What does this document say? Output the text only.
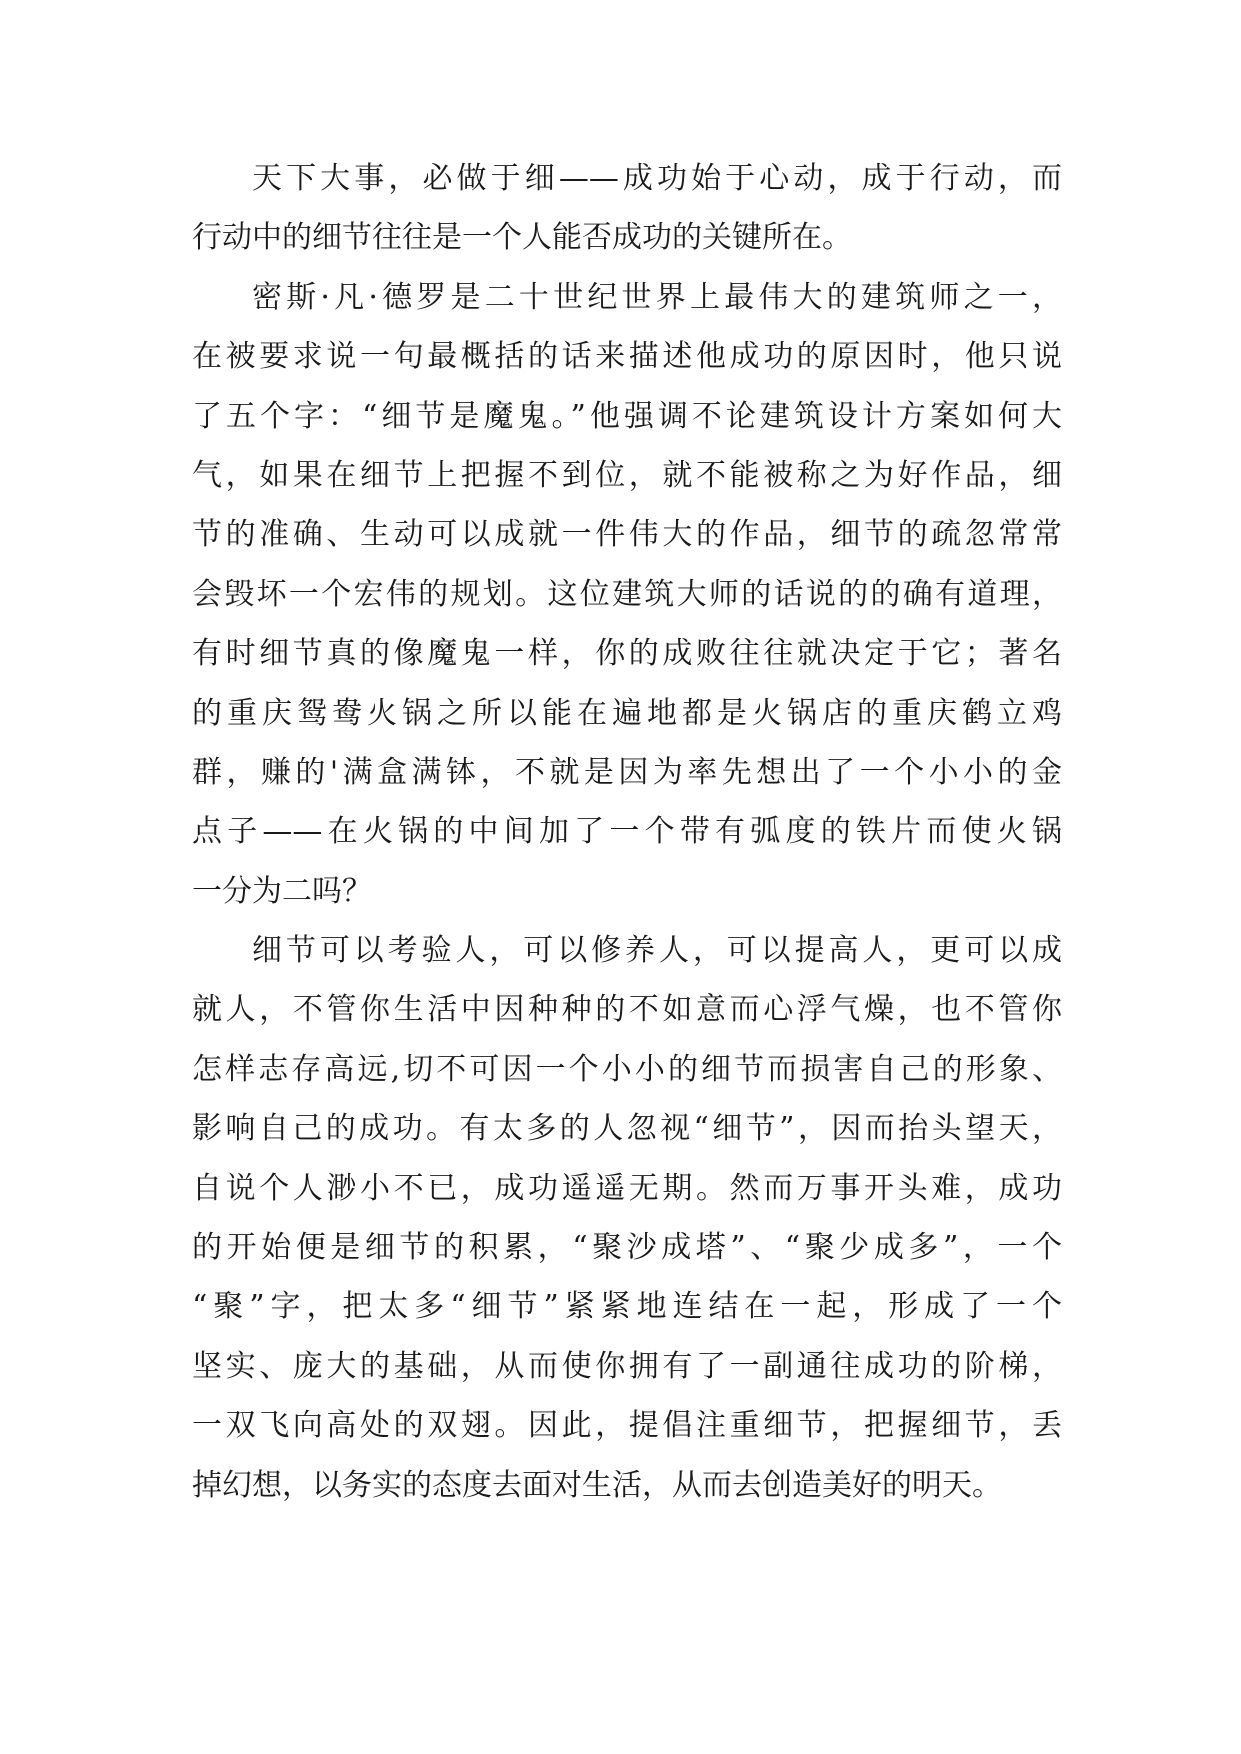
天下大事，必做于细——成功始于心动，成于行动，而
行动中的细节往往是一个人能否成功的关键所在。
密斯·凡·德罗是二十世纪世界上最伟大的建筑师之一，
在被要求说一句最概括的话来描述他成功的原因时，他只说
了五个字：“细节是魔鬼。”他强调不论建筑设计方案如何大
气，如果在细节上把握不到位，就不能被称之为好作品，细
节的准确、生动可以成就一件伟大的作品，细节的疏忽常常
会毁坏一个宏伟的规划。这位建筑大师的话说的的确有道理，
有时细节真的像魔鬼一样，你的成败往往就决定于它；著名
的重庆鸳鸯火锅之所以能在遍地都是火锅店的重庆鹤立鸡
群，赚的'满盒满钵，不就是因为率先想出了一个小小的金
点子——在火锅的中间加了一个带有弧度的铁片而使火锅
一分为二吗？
细节可以考验人，可以修养人，可以提高人，更可以成
就人，不管你生活中因种种的不如意而心浮气燥，也不管你
怎样志存高远,切不可因一个小小的细节而损害自己的形象、
影响自己的成功。有太多的人忽视“细节”，因而抬头望天，
自说个人渺小不已，成功遥遥无期。然而万事开头难，成功
的开始便是细节的积累，“聚沙成塔”、“聚少成多”，一个
“聚”字，把太多“细节”紧紧地连结在一起，形成了一个
坚实、庞大的基础，从而使你拥有了一副通往成功的阶梯，
一双飞向高处的双翅。因此，提倡注重细节，把握细节，丢
掉幻想，以务实的态度去面对生活，从而去创造美好的明天。
